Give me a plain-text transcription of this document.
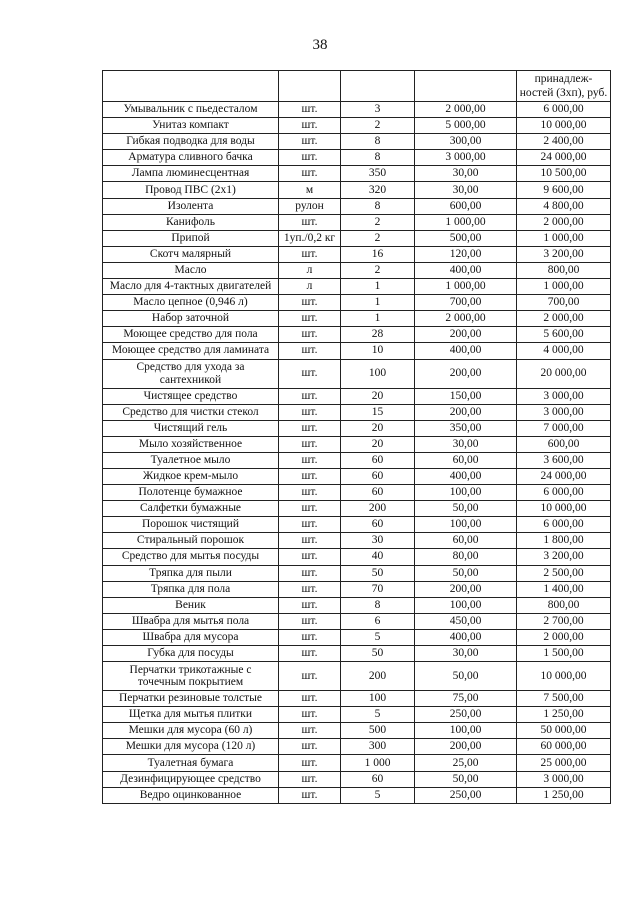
38
				принадлеж-ностей (Зхп), руб.
Умывальник с пьедесталом	шт.	3	2 000,00	6 000,00
Унитаз компакт	шт.	2	5 000,00	10 000,00
Гибкая подводка для воды	шт.	8	300,00	2 400,00
Арматура сливного бачка	шт.	8	3 000,00	24 000,00
Лампа люминесцентная	шт.	350	30,00	10 500,00
Провод ПВС (2х1)	м	320	30,00	9 600,00
Изолента	рулон	8	600,00	4 800,00
Канифоль	шт.	2	1 000,00	2 000,00
Припой	1уп./0,2 кг	2	500,00	1 000,00
Скотч малярный	шт.	16	120,00	3 200,00
Масло	л	2	400,00	800,00
Масло для 4-тактных двигателей	л	1	1 000,00	1 000,00
Масло цепное (0,946 л)	шт.	1	700,00	700,00
Набор заточной	шт.	1	2 000,00	2 000,00
Моющее средство для пола	шт.	28	200,00	5 600,00
Моющее средство для ламината	шт.	10	400,00	4 000,00
Средство для ухода за сантехникой	шт.	100	200,00	20 000,00
Чистящее средство	шт.	20	150,00	3 000,00
Средство для чистки стекол	шт.	15	200,00	3 000,00
Чистящий гель	шт.	20	350,00	7 000,00
Мыло хозяйственное	шт.	20	30,00	600,00
Туалетное мыло	шт.	60	60,00	3 600,00
Жидкое крем-мыло	шт.	60	400,00	24 000,00
Полотенце бумажное	шт.	60	100,00	6 000,00
Салфетки бумажные	шт.	200	50,00	10 000,00
Порошок чистящий	шт.	60	100,00	6 000,00
Стиральный порошок	шт.	30	60,00	1 800,00
Средство для мытья посуды	шт.	40	80,00	3 200,00
Тряпка для пыли	шт.	50	50,00	2 500,00
Тряпка для пола	шт.	70	200,00	1 400,00
Веник	шт.	8	100,00	800,00
Швабра для мытья пола	шт.	6	450,00	2 700,00
Швабра для мусора	шт.	5	400,00	2 000,00
Губка для посуды	шт.	50	30,00	1 500,00
Перчатки трикотажные с точечным покрытием	шт.	200	50,00	10 000,00
Перчатки резиновые толстые	шт.	100	75,00	7 500,00
Щетка для мытья плитки	шт.	5	250,00	1 250,00
Мешки для мусора (60 л)	шт.	500	100,00	50 000,00
Мешки для мусора (120 л)	шт.	300	200,00	60 000,00
Туалетная бумага	шт.	1 000	25,00	25 000,00
Дезинфицирующее средство	шт.	60	50,00	3 000,00
Ведро оцинкованное	шт.	5	250,00	1 250,00
